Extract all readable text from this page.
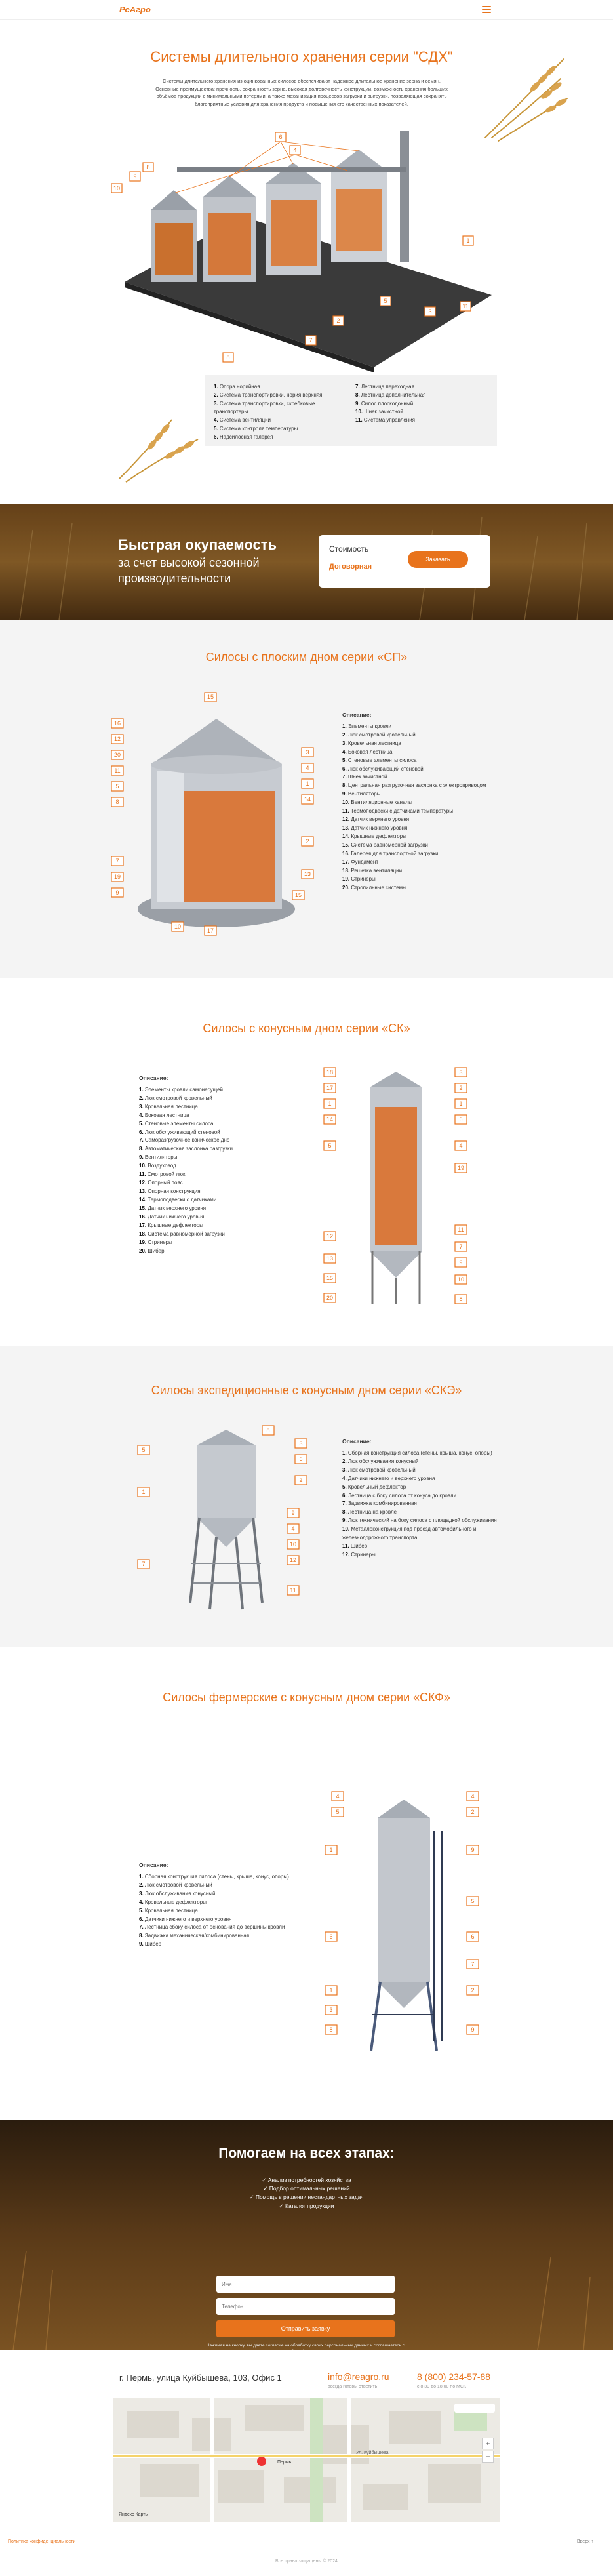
РеАгро
Системы длительного хранения серии "СДХ"

Системы длительного хранения из оцинкованных силосов обеспечивают надежное длительное хранение зерна и семян. Основные преимущества: прочность, сохранность зерна, высокая долговечность конструкции, возможность хранения больших объёмов продукции с минимальными потерями, а также механизация процессов загрузки и выгрузки, позволяющая сохранять благоприятные условия для хранения продукта и повышения его качественных показателей.

6
4
8
9
10
1
11
3
5
2
7
8
1. Опора норийная
2. Система транспортировки, нория верхняя
3. Система транспортировки, скребковые транспортеры
4. Система вентиляции
5. Система контроля температуры
6. Надсилосная галерея
7. Лестница переходная
8. Лестница дополнительная
9. Силос плоскодонный
10. Шнек зачистной
11. Система управления
Быстрая окупаемость
за счет высокой сезонной производительности
Стоимость
Договорная
Заказать
Силосы с плоским дном серии «СП»
15
16
12
20
11
5
8
7
19
9
3
4
1
14
2
13
15
10
17
Описание:
1. Элементы кровли
2. Люк смотровой кровельный
3. Кровельная лестница
4. Боковая лестница
5. Стеновые элементы силоса
6. Люк обслуживающий стеновой
7. Шнек зачистной
8. Центральная разгрузочная заслонка с электроприводом
9. Вентиляторы
10. Вентиляционные каналы
11. Термоподвески с датчиками температуры
12. Датчик верхнего уровня
13. Датчик нижнего уровня
14. Крышные дефлекторы
15. Система равномерной загрузки
16. Галерея для транспортной загрузки
17. Фундамент
18. Решетка вентиляции
19. Стринеры
20. Стропильные системы
Силосы с конусным дном серии «СК»
Описание:
1. Элементы кровли самонесущей
2. Люк смотровой кровельный
3. Кровельная лестница
4. Боковая лестница
5. Стеновые элементы силоса
6. Люк обслуживающий стеновой
7. Саморазгрузочное коническое дно
8. Автоматическая заслонка разгрузки
9. Вентиляторы
10. Воздуховод
11. Смотровой люк
12. Опорный пояс
13. Опорная конструкция
14. Термоподвески с датчиками
15. Датчик верхнего уровня
16. Датчик нижнего уровня
17. Крышные дефлекторы
18. Система равномерной загрузки
19. Стринеры
20. Шибер
18
17
1
14
5
12
13
15
20
3
2
1
6
4
19
11
7
9
10
8
Силосы экспедиционные с конусным дном серии «СКЭ»
5
1
7
8
3
6
2
9
4
10
12
11
Описание:
1. Сборная конструкция силоса (стены, крыша, конус, опоры)
2. Люк обслуживания конусный
3. Люк смотровой кровельный
4. Датчики нижнего и верхнего уровня
5. Кровельный дефлектор
6. Лестница с боку силоса от конуса до кровли
7. Задвижка комбинированная
8. Лестница на кровле
9. Люк технический на боку силоса с площадкой обслуживания
10. Металлоконструкция под проезд автомобильного и железнодорожного транспорта
11. Шибер
12. Стринеры
Силосы фермерские с конусным дном серии «СКФ»
Описание:
1. Сборная конструкция силоса (стены, крыша, конус, опоры)
2. Люк смотровой кровельный
3. Люк обслуживания конусный
4. Кровельные дефлекторы
5. Кровельная лестница
6. Датчики нижнего и верхнего уровня
7. Лестница сбоку силоса от основания до вершины кровли
8. Задвижка механическая/комбинированная
9. Шибер
4
5
1
6
1
3
8
4
2
9
5
6
7
2
9
Помогаем на всех этапах:
✓ Анализ потребностей хозяйства
✓ Подбор оптимальных решений
✓ Помощь в решении нестандартных задач
✓ Каталог продукции
Имя
Телефон
Отправить заявку
Нажимая на кнопку, вы даете согласие на обработку своих персональных данных и соглашаетесь с
г. Пермь, улица Куйбышева, 103, Офис 1	info@reagro.ru
всегда готовы ответить
8 (800) 234-57-88
с 8:30 до 18:00 по МСК
Ул. Куйбышева
Пермь
Яндекс Карты
+
−
Политика конфиденциальности	Вверх ↑
Все права защищены © 2024
